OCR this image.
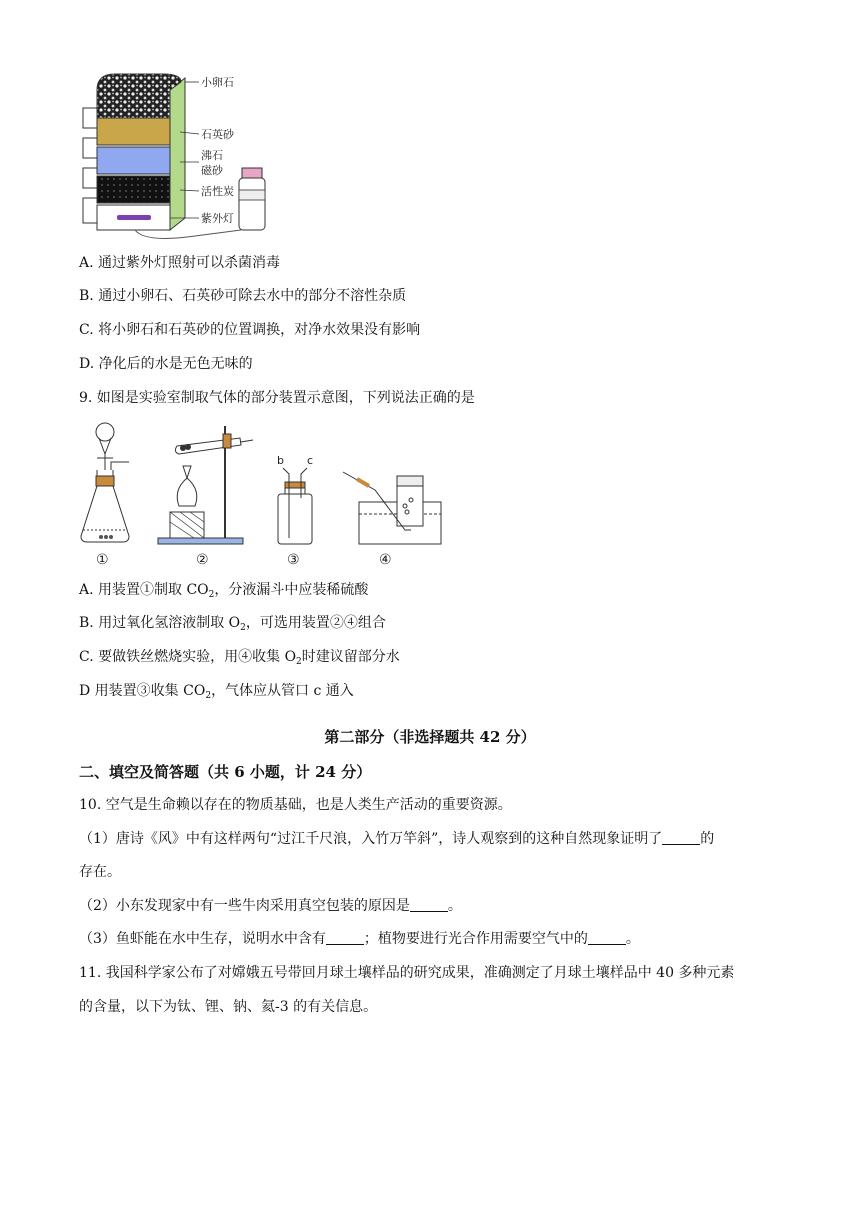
小卵石
石英砂
沸石
磁砂
活性炭
紫外灯
A. 通过紫外灯照射可以杀菌消毒
B. 通过小卵石、石英砂可除去水中的部分不溶性杂质
C. 将小卵石和石英砂的位置调换，对净水效果没有影响
D. 净化后的水是无色无味的
9. 如图是实验室制取气体的部分装置示意图，下列说法正确的是
①	②
b c
③	④
A. 用装置①制取 $CO_2$，分液漏斗中应装稀硫酸
B. 用过氧化氢溶液制取 $O_2$，可选用装置②④组合
C. 要做铁丝燃烧实验，用④收集 $O_2$时建议留部分水
D 用装置③收集 $CO_2$，气体应从管口 c 通入
第二部分（非选择题共 42 分）
二、填空及简答题（共 6 小题，计 24 分）
10. 空气是生命赖以存在的物质基础，也是人类生产活动的重要资源。
（1）唐诗《风》中有这样两句“过江千尺浪，入竹万竿斜”，诗人观察到的这种自然现象证明了	的
存在。
（2）小东发现家中有一些牛肉采用真空包装的原因是	。
（3）鱼虾能在水中生存，说明水中含有	；植物要进行光合作用需要空气中的	。
11. 我国科学家公布了对嫦娥五号带回月球土壤样品的研究成果，准确测定了月球土壤样品中 40 多种元素
的含量，以下为钛、锂、钠、氦-3 的有关信息。
